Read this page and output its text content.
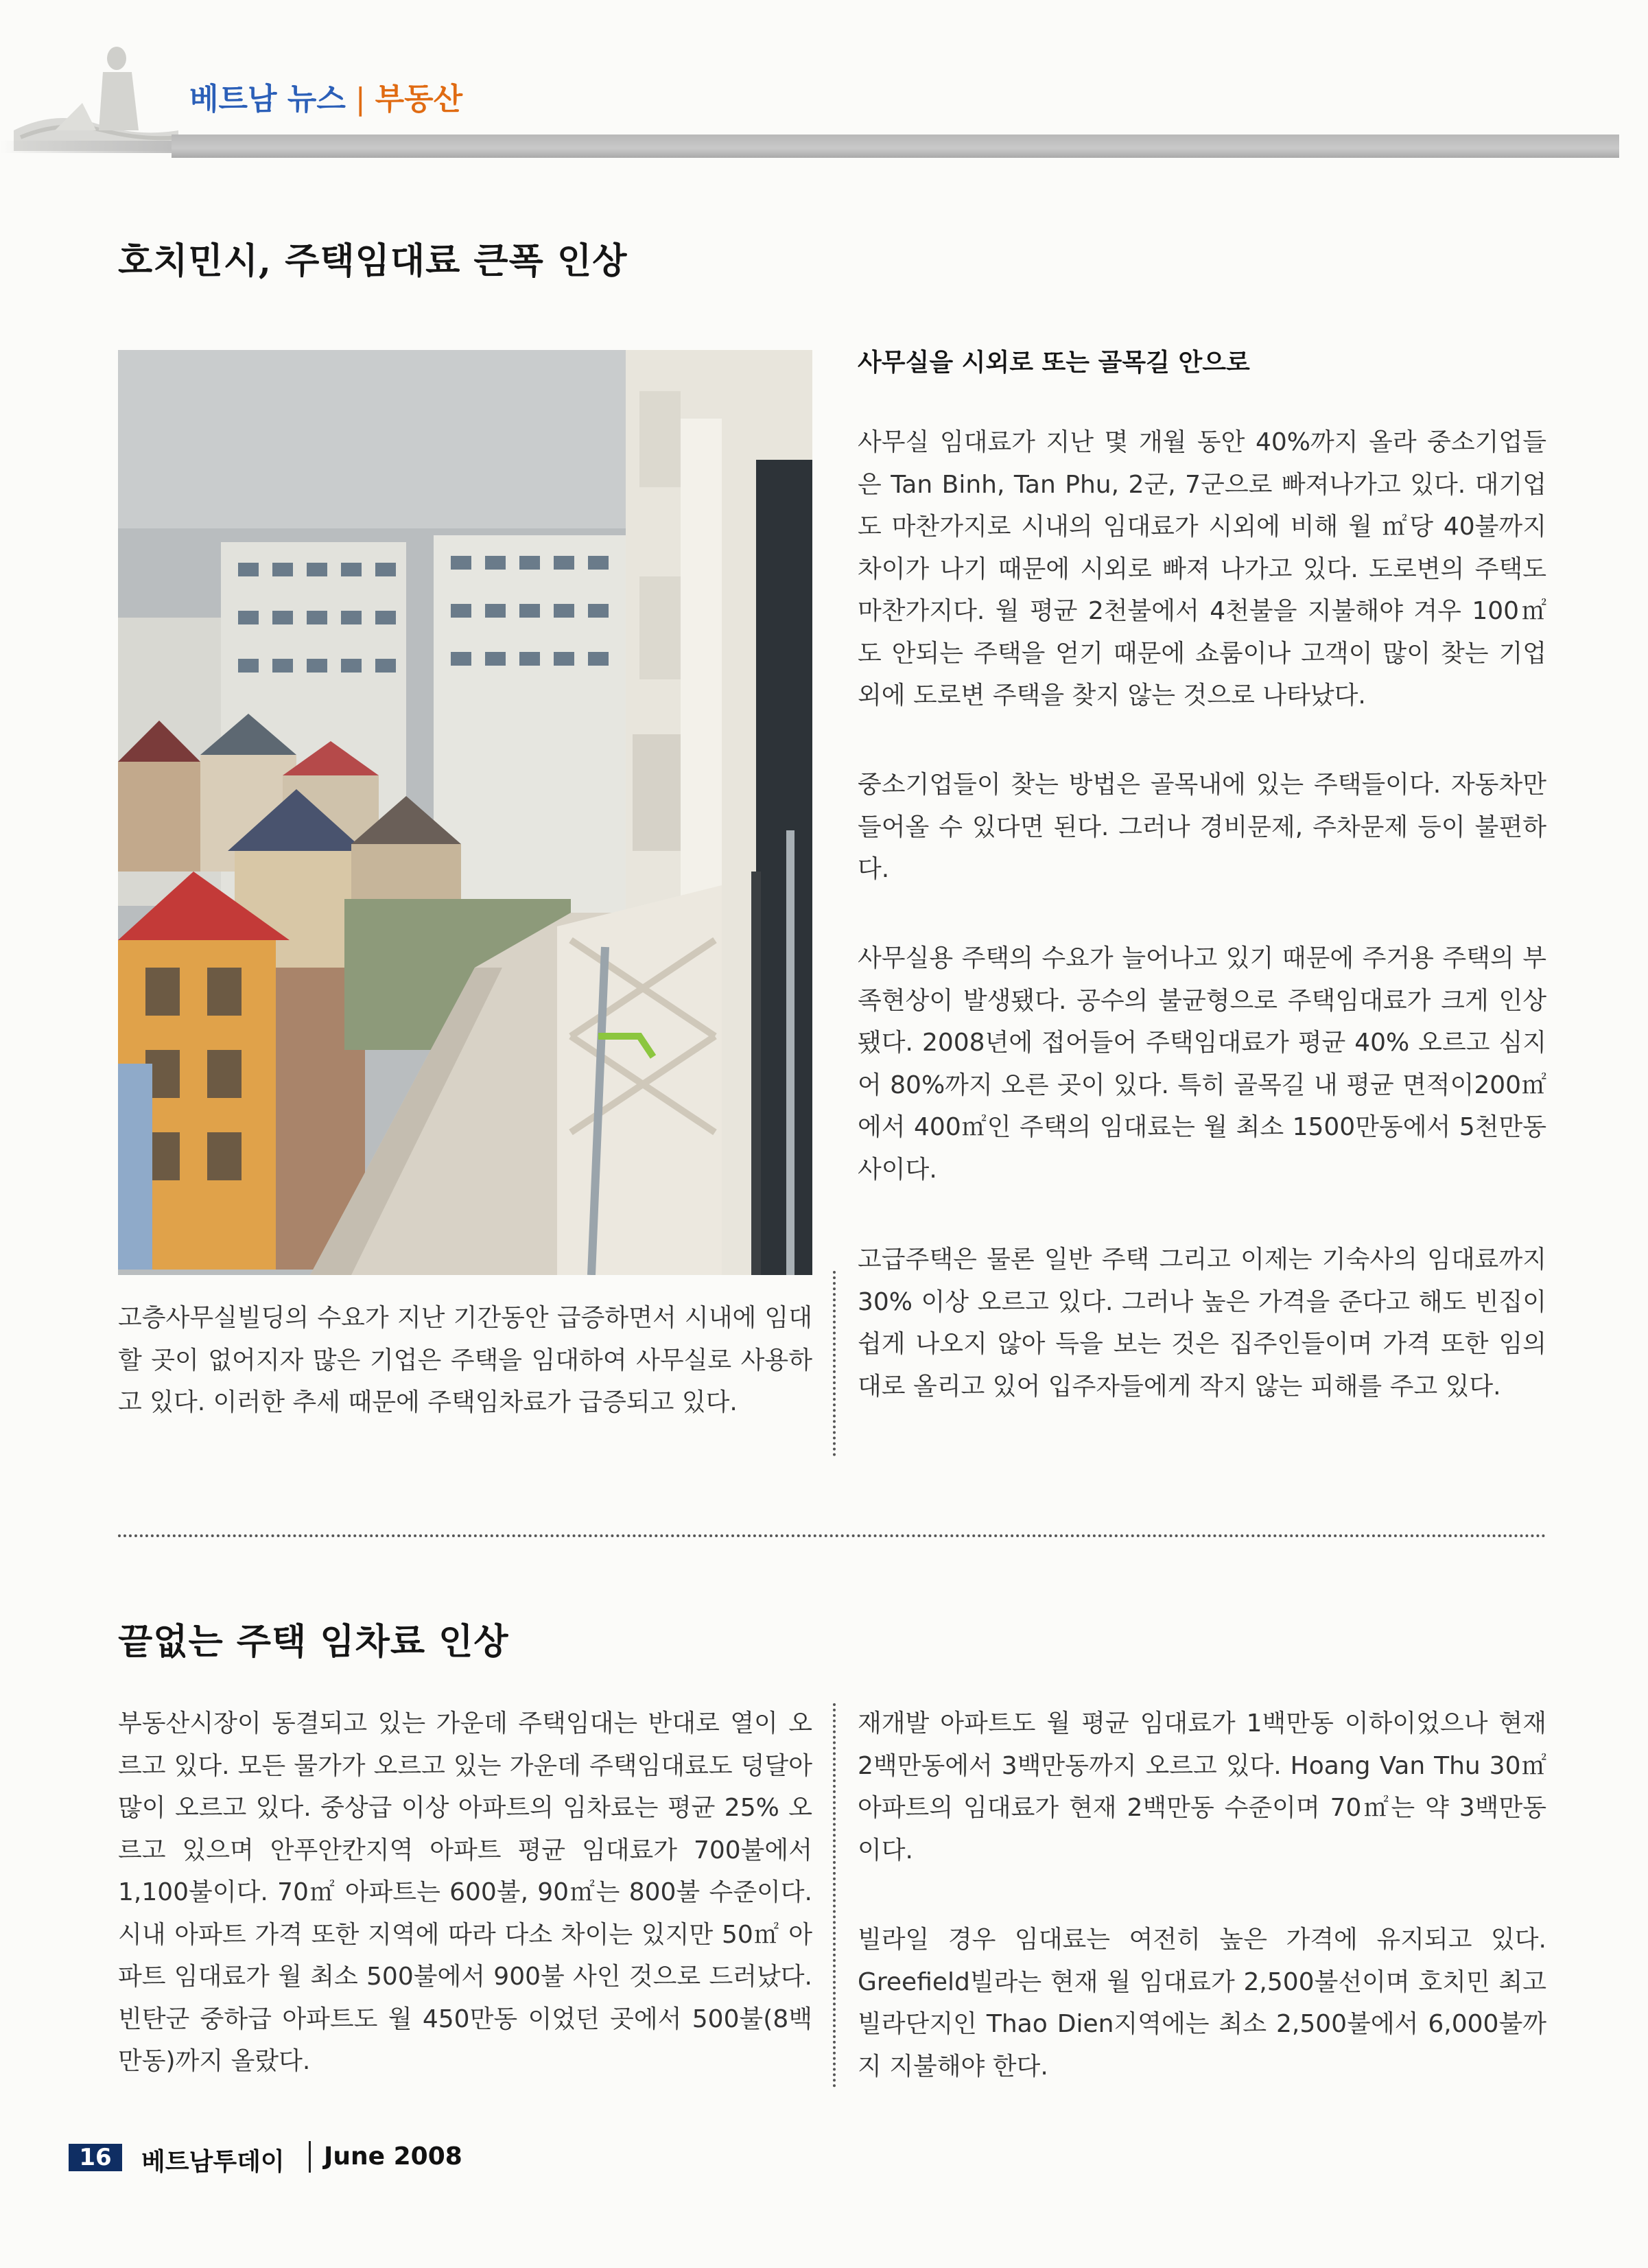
베트남 뉴스 | 부동산
호치민시, 주택임대료 큰폭 인상
고층사무실빌딩의 수요가 지난 기간동안 급증하면서 시내에 임대할 곳이 없어지자 많은 기업은 주택을 임대하여 사무실로 사용하고 있다. 이러한 추세 때문에 주택임차료가 급증되고 있다.
사무실을 시외로 또는 골목길 안으로
사무실 임대료가 지난 몇 개월 동안 40%까지 올라 중소기업들은 Tan Binh, Tan Phu, 2군, 7군으로 빠져나가고 있다. 대기업도 마찬가지로 시내의 임대료가 시외에 비해 월 ㎡당 40불까지 차이가 나기 때문에 시외로 빠져 나가고 있다. 도로변의 주택도 마찬가지다. 월 평균 2천불에서 4천불을 지불해야 겨우 100㎡도 안되는 주택을 얻기 때문에 쇼룸이나 고객이 많이 찾는 기업 외에 도로변 주택을 찾지 않는 것으로 나타났다.
중소기업들이 찾는 방법은 골목내에 있는 주택들이다. 자동차만 들어올 수 있다면 된다. 그러나 경비문제, 주차문제 등이 불편하다.
사무실용 주택의 수요가 늘어나고 있기 때문에 주거용 주택의 부족현상이 발생됐다. 공수의 불균형으로 주택임대료가 크게 인상됐다. 2008년에 접어들어 주택임대료가 평균 40% 오르고 심지어 80%까지 오른 곳이 있다. 특히 골목길 내 평균 면적이200㎡에서 400㎡인 주택의 임대료는 월 최소 1500만동에서 5천만동 사이다.
고급주택은 물론 일반 주택 그리고 이제는 기숙사의 임대료까지 30% 이상 오르고 있다. 그러나 높은 가격을 준다고 해도 빈집이 쉽게 나오지 않아 득을 보는 것은 집주인들이며 가격 또한 임의대로 올리고 있어 입주자들에게 작지 않는 피해를 주고 있다.
끝없는 주택 임차료 인상
부동산시장이 동결되고 있는 가운데 주택임대는 반대로 열이 오르고 있다. 모든 물가가 오르고 있는 가운데 주택임대료도 덩달아 많이 오르고 있다. 중상급 이상 아파트의 임차료는 평균 25% 오르고 있으며 안푸안칸지역 아파트 평균 임대료가 700불에서 1,100불이다. 70㎡ 아파트는 600불, 90㎡는 800불 수준이다. 시내 아파트 가격 또한 지역에 따라 다소 차이는 있지만 50㎡ 아파트 임대료가 월 최소 500불에서 900불 사인 것으로 드러났다. 빈탄군 중하급 아파트도 월 450만동 이었던 곳에서 500불(8백만동)까지 올랐다.
재개발 아파트도 월 평균 임대료가 1백만동 이하이었으나 현재 2백만동에서 3백만동까지 오르고 있다. Hoang Van Thu 30㎡아파트의 임대료가 현재 2백만동 수준이며 70㎡는 약 3백만동이다.
빌라일 경우 임대료는 여전히 높은 가격에 유지되고 있다. Greefield빌라는 현재 월 임대료가 2,500불선이며 호치민 최고 빌라단지인 Thao Dien지역에는 최소 2,500불에서 6,000불까지 지불해야 한다.
16	베트남투데이 June 2008
